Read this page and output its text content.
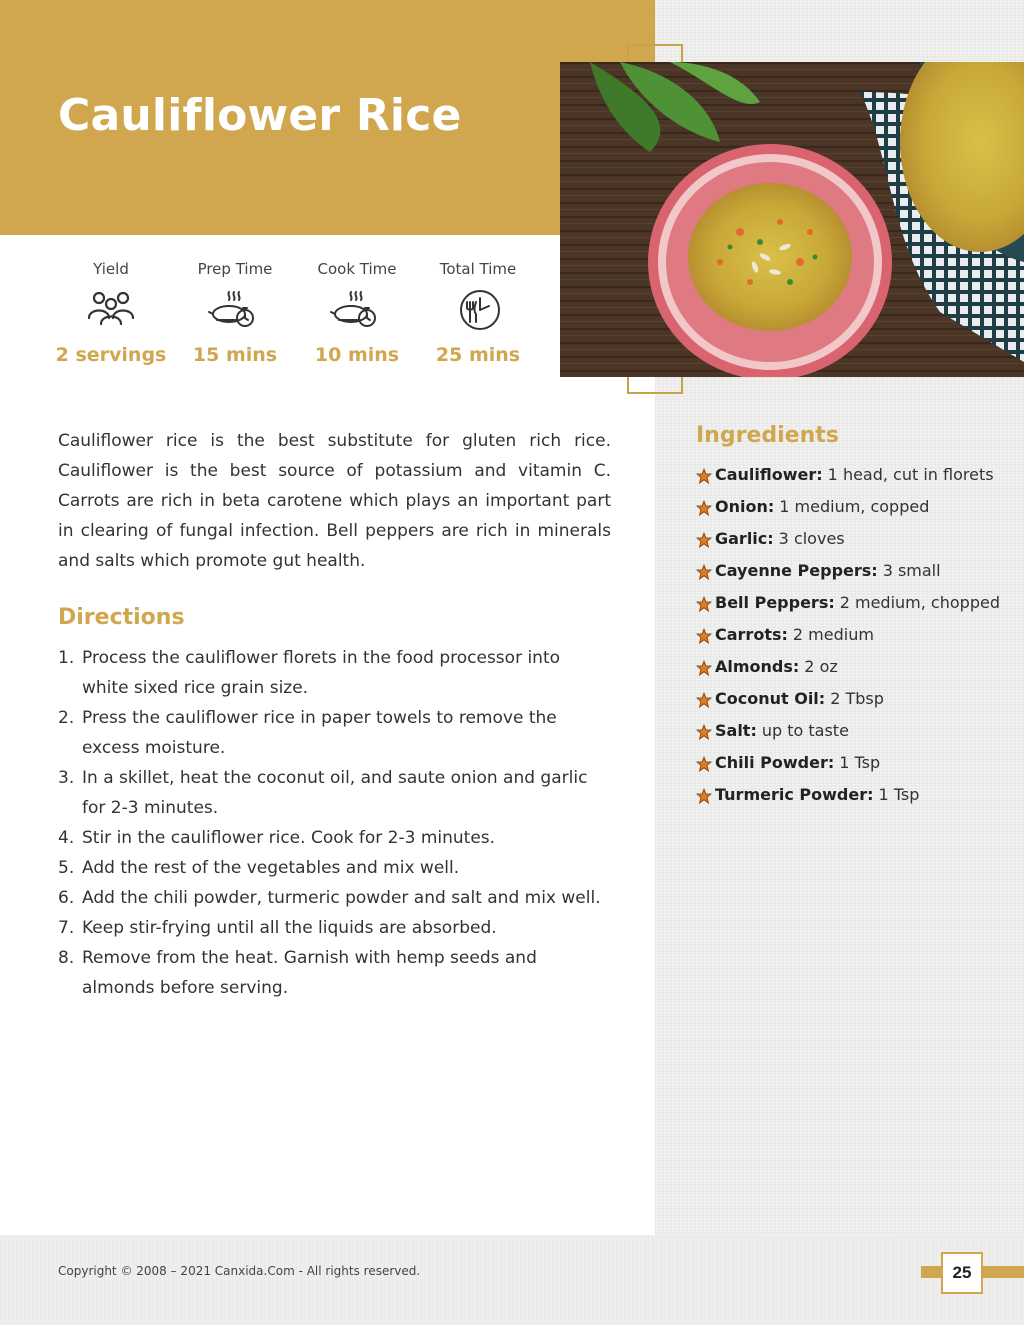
Cauliflower Rice
Yield
2 servings
Prep Time
15 mins
Cook Time
10 mins
Total Time
25 mins

Cauliflower rice is the best substitute for gluten rich rice. Cauliflower is the best source of potassium and vitamin C. Carrots are rich in beta carotene which plays an important part in clearing of fungal infection. Bell peppers are rich in minerals and salts which promote gut health.

Directions
1. Process the cauliflower florets in the food processor into white sixed rice grain size.
2. Press the cauliflower rice in paper towels to remove the excess moisture.
3. In a skillet, heat the coconut oil, and saute onion and garlic for 2-3 minutes.
4. Stir in the cauliflower rice. Cook for 2-3 minutes.
5. Add the rest of the vegetables and mix well.
6. Add the chili powder, turmeric powder and salt and mix well.
7. Keep stir-frying until all the liquids are absorbed.
8. Remove from the heat. Garnish with hemp seeds and almonds before serving.
Ingredients
Cauliflower: 1 head, cut in florets
Onion: 1 medium, copped
Garlic: 3 cloves
Cayenne Peppers: 3 small
Bell Peppers: 2 medium, chopped
Carrots: 2 medium
Almonds: 2 oz
Coconut Oil: 2 Tbsp
Salt: up to taste
Chili Powder: 1 Tsp
Turmeric Powder: 1 Tsp
Copyright © 2008 – 2021 Canxida.Com - All rights reserved.	25
